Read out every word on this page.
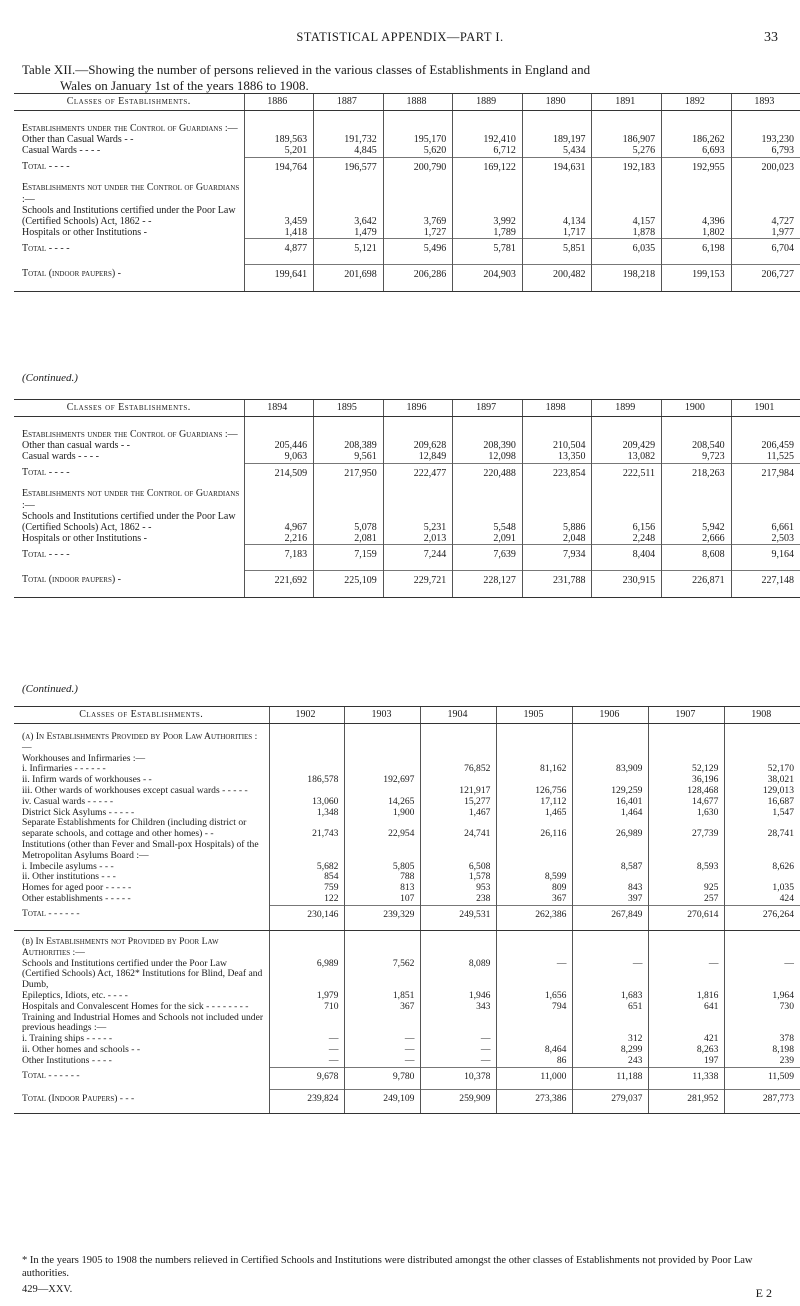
STATISTICAL APPENDIX—PART I.	33
Table XII.—Showing the number of persons relieved in the various classes of Establishments in England and
Wales on January 1st of the years 1886 to 1908.
Classes of Establishments.	1886	1887	1888	1889	1890	1891	1892	1893
Establishments under the Control of Guardians :—								
Other than Casual Wards - -	189,563	191,732	195,170	192,410	189,197	186,907	186,262	193,230
Casual Wards - - - -	5,201	4,845	5,620	6,712	5,434	5,276	6,693	6,793
Total - - - -	194,764	196,577	200,790	169,122	194,631	192,183	192,955	200,023
Establishments not under the Control of Guardians :—								
Schools and Institutions certified under the Poor Law (Certified Schools) Act, 1862 - -	3,459	3,642	3,769	3,992	4,134	4,157	4,396	4,727
Hospitals or other Institutions -	1,418	1,479	1,727	1,789	1,717	1,878	1,802	1,977
Total - - - -	4,877	5,121	5,496	5,781	5,851	6,035	6,198	6,704
Total (indoor paupers) -	199,641	201,698	206,286	204,903	200,482	198,218	199,153	206,727
(Continued.)
Classes of Establishments.	1894	1895	1896	1897	1898	1899	1900	1901
Establishments under the Control of Guardians :—								
Other than casual wards - -	205,446	208,389	209,628	208,390	210,504	209,429	208,540	206,459
Casual wards - - - -	9,063	9,561	12,849	12,098	13,350	13,082	9,723	11,525
Total - - - -	214,509	217,950	222,477	220,488	223,854	222,511	218,263	217,984
Establishments not under the Control of Guardians :—								
Schools and Institutions certified under the Poor Law (Certified Schools) Act, 1862 - -	4,967	5,078	5,231	5,548	5,886	6,156	5,942	6,661
Hospitals or other Institutions -	2,216	2,081	2,013	2,091	2,048	2,248	2,666	2,503
Total - - - -	7,183	7,159	7,244	7,639	7,934	8,404	8,608	9,164
Total (indoor paupers) -	221,692	225,109	229,721	228,127	231,788	230,915	226,871	227,148
(Continued.)
Classes of Establishments.	1902	1903	1904	1905	1906	1907	1908
(a) In Establishments Provided by Poor Law Authorities :—							
Workhouses and Infirmaries :—							
i. Infirmaries - - - - - -			76,852	81,162	83,909	52,129	52,170
ii. Infirm wards of workhouses - -	186,578	192,697				36,196	38,021
iii. Other wards of workhouses except casual wards - - - - -			121,917	126,756	129,259	128,468	129,013
iv. Casual wards - - - - -	13,060	14,265	15,277	17,112	16,401	14,677	16,687
District Sick Asylums - - - - -	1,348	1,900	1,467	1,465	1,464	1,630	1,547
Separate Establishments for Children (including district or separate schools, and cottage and other homes) - -	21,743	22,954	24,741	26,116	26,989	27,739	28,741
Institutions (other than Fever and Small-pox Hospitals) of the Metropolitan Asylums Board :—							
i. Imbecile asylums - - -	5,682	5,805	6,508		8,587	8,593	8,626
ii. Other institutions - - -	854	788	1,578	8,599			
Homes for aged poor - - - - -	759	813	953	809	843	925	1,035
Other establishments - - - - -	122	107	238	367	397	257	424
Total - - - - - -	230,146	239,329	249,531	262,386	267,849	270,614	276,264
(b) In Establishments not Provided by Poor Law Authorities :—							
Schools and Institutions certified under the Poor Law (Certified Schools) Act, 1862* Institutions for Blind, Deaf and Dumb,	6,989	7,562	8,089	—	—	—	—
Epileptics, Idiots, etc. - - - -	1,979	1,851	1,946	1,656	1,683	1,816	1,964
Hospitals and Convalescent Homes for the sick - - - - - - - -	710	367	343	794	651	641	730
Training and Industrial Homes and Schools not included under previous headings :—							
i. Training ships - - - - -	—	—	—		312	421	378
ii. Other homes and schools - -	—	—	—	8,464	8,299	8,263	8,198
Other Institutions - - - -	—	—	—	86	243	197	239
Total - - - - - -	9,678	9,780	10,378	11,000	11,188	11,338	11,509
Total (Indoor Paupers) - - -	239,824	249,109	259,909	273,386	279,037	281,952	287,773
* In the years 1905 to 1908 the numbers relieved in Certified Schools and Institutions were distributed amongst the other classes of Establishments not provided by Poor Law authorities.
429—XXV.	E 2
